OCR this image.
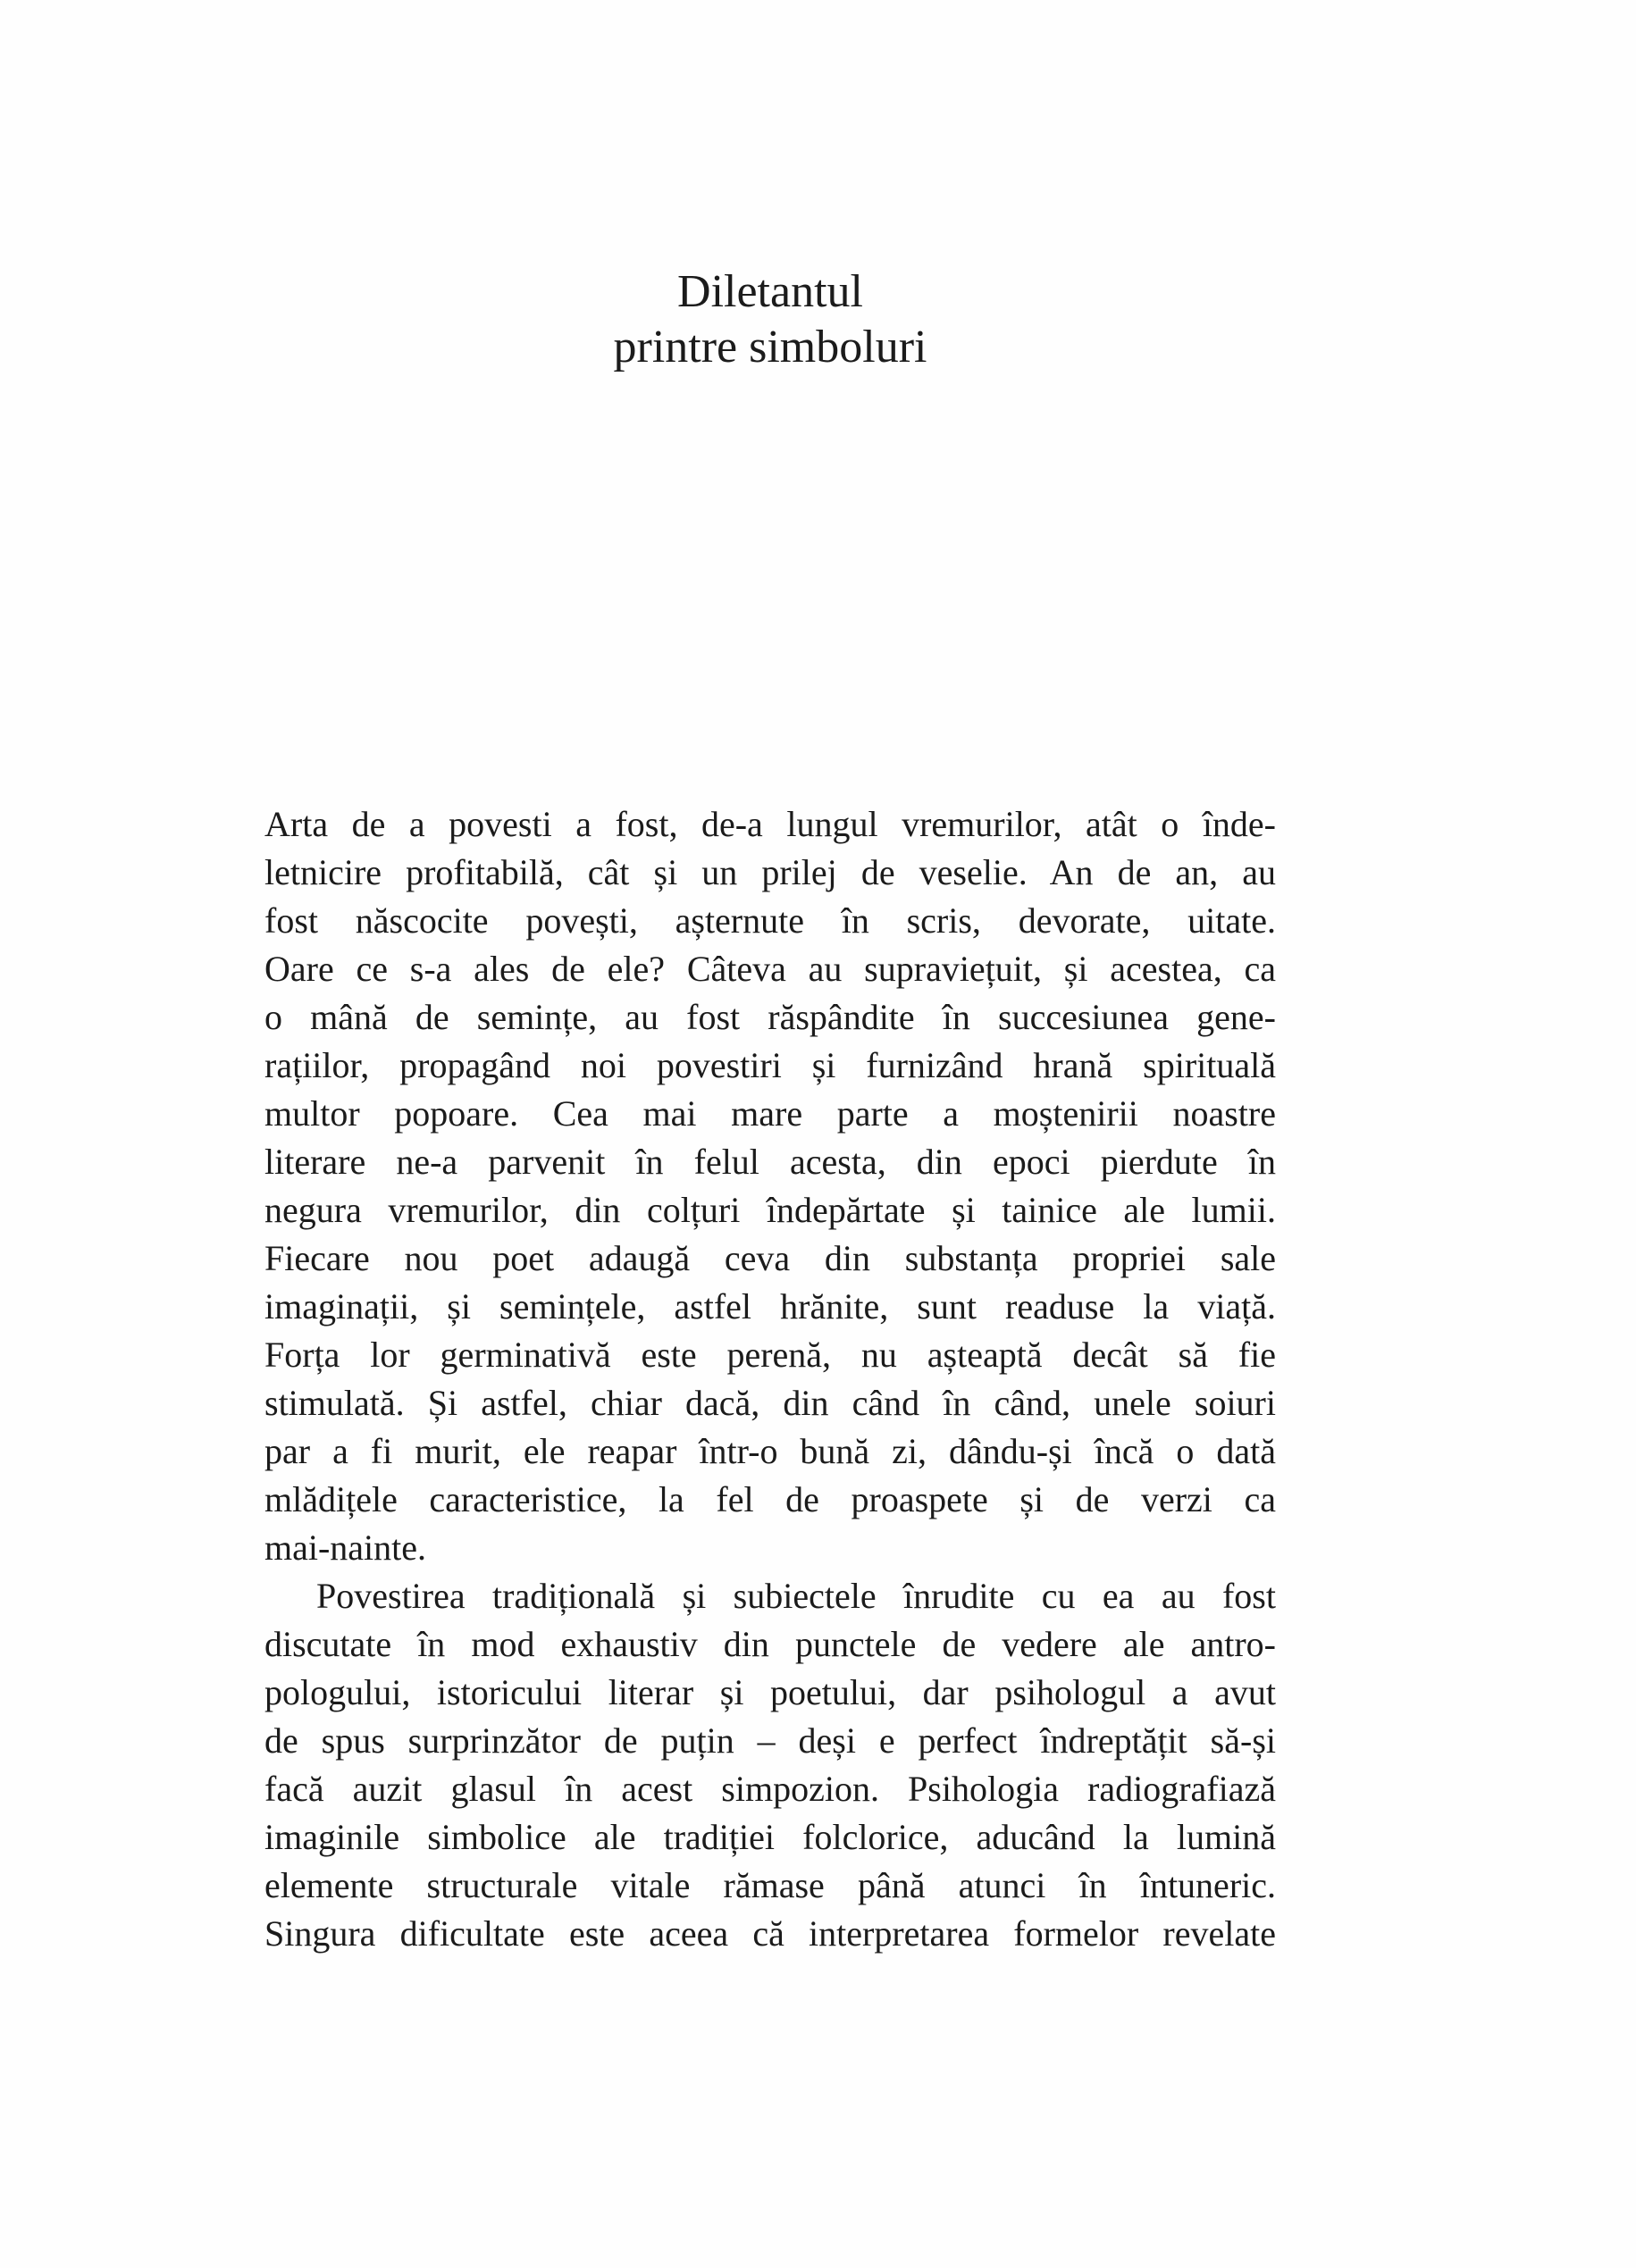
Diletantul
printre simboluri
Arta de a povesti a fost, de-a lungul vremurilor, atât o înde-
letnicire profitabilă, cât și un prilej de veselie. An de an, au
fost născocite povești, așternute în scris, devorate, uitate.
Oare ce s-a ales de ele? Câteva au supraviețuit, și acestea, ca
o mână de semințe, au fost răspândite în succesiunea gene-
rațiilor, propagând noi povestiri și furnizând hrană spirituală
multor popoare. Cea mai mare parte a moștenirii noastre
literare ne-a parvenit în felul acesta, din epoci pierdute în
negura vremurilor, din colțuri îndepărtate și tainice ale lumii.
Fiecare nou poet adaugă ceva din substanța propriei sale
imaginații, și semințele, astfel hrănite, sunt readuse la viață.
Forța lor germinativă este perenă, nu așteaptă decât să fie
stimulată. Și astfel, chiar dacă, din când în când, unele soiuri
par a fi murit, ele reapar într-o bună zi, dându-și încă o dată
mlădițele caracteristice, la fel de proaspete și de verzi ca
mai-nainte.
Povestirea tradițională și subiectele înrudite cu ea au fost
discutate în mod exhaustiv din punctele de vedere ale antro-
pologului, istoricului literar și poetului, dar psihologul a avut
de spus surprinzător de puțin – deși e perfect îndreptățit să-și
facă auzit glasul în acest simpozion. Psihologia radiografiază
imaginile simbolice ale tradiției folclorice, aducând la lumină
elemente structurale vitale rămase până atunci în întuneric.
Singura dificultate este aceea că interpretarea formelor revelate
